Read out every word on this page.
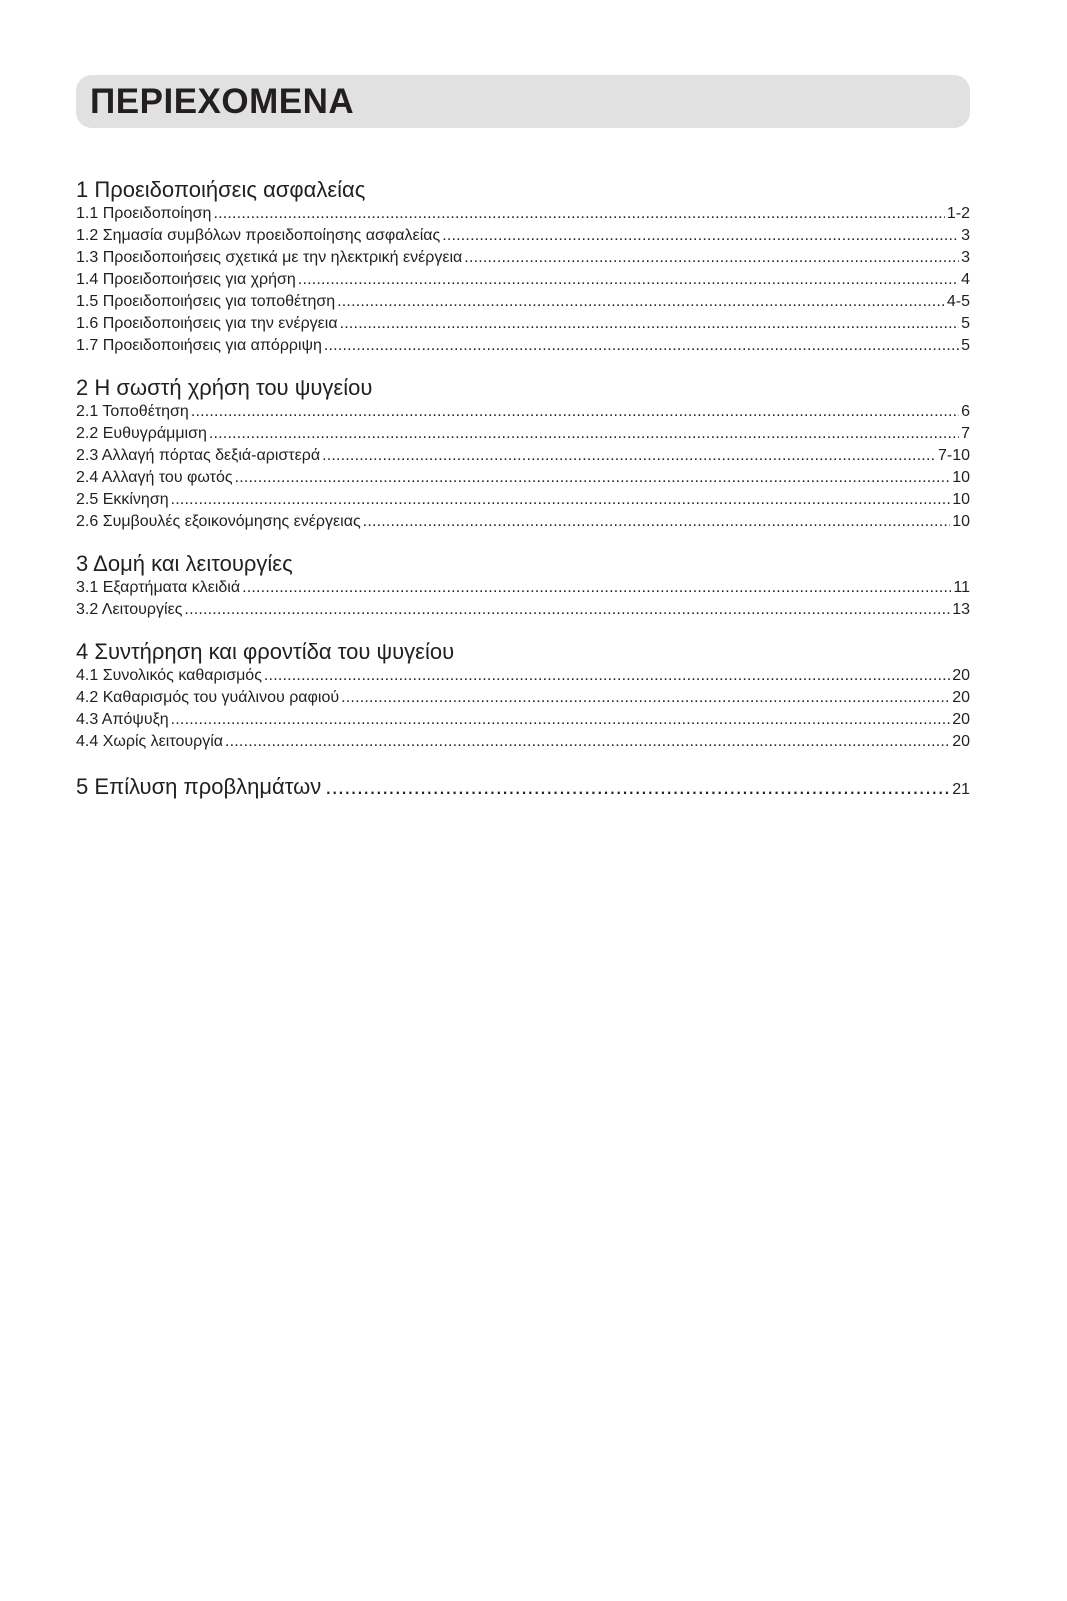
ΠΕΡΙΕΧΟΜΕΝΑ
1 Προειδοποιήσεις ασφαλείας
1.1 Προειδοποίηση .....	1-2
1.2 Σημασία συμβόλων προειδοποίησης ασφαλείας .....	3
1.3 Προειδοποιήσεις σχετικά με την ηλεκτρική ενέργεια .....	3
1.4 Προειδοποιήσεις για χρήση .....	4
1.5 Προειδοποιήσεις για τοποθέτηση .....	4-5
1.6 Προειδοποιήσεις για την ενέργεια .....	5
1.7 Προειδοποιήσεις για απόρριψη .....	5
2 Η σωστή χρήση του ψυγείου
2.1 Τοποθέτηση .....	6
2.2 Ευθυγράμμιση .....	7
2.3 Αλλαγή πόρτας δεξιά-αριστερά .....	7-10
2.4 Αλλαγή του φωτός .....	10
2.5 Εκκίνηση .....	10
2.6 Συμβουλές εξοικονόμησης ενέργειας .....	10
3 Δομή και λειτουργίες
3.1 Εξαρτήματα κλειδιά .....	11
3.2 Λειτουργίες .....	13
4 Συντήρηση και φροντίδα του ψυγείου
4.1 Συνολικός καθαρισμός .....	20
4.2 Καθαρισμός του γυάλινου ραφιού .....	20
4.3 Απόψυξη .....	20
4.4 Χωρίς λειτουργία .....	20
5 Επίλυση προβλημάτων .....	21
